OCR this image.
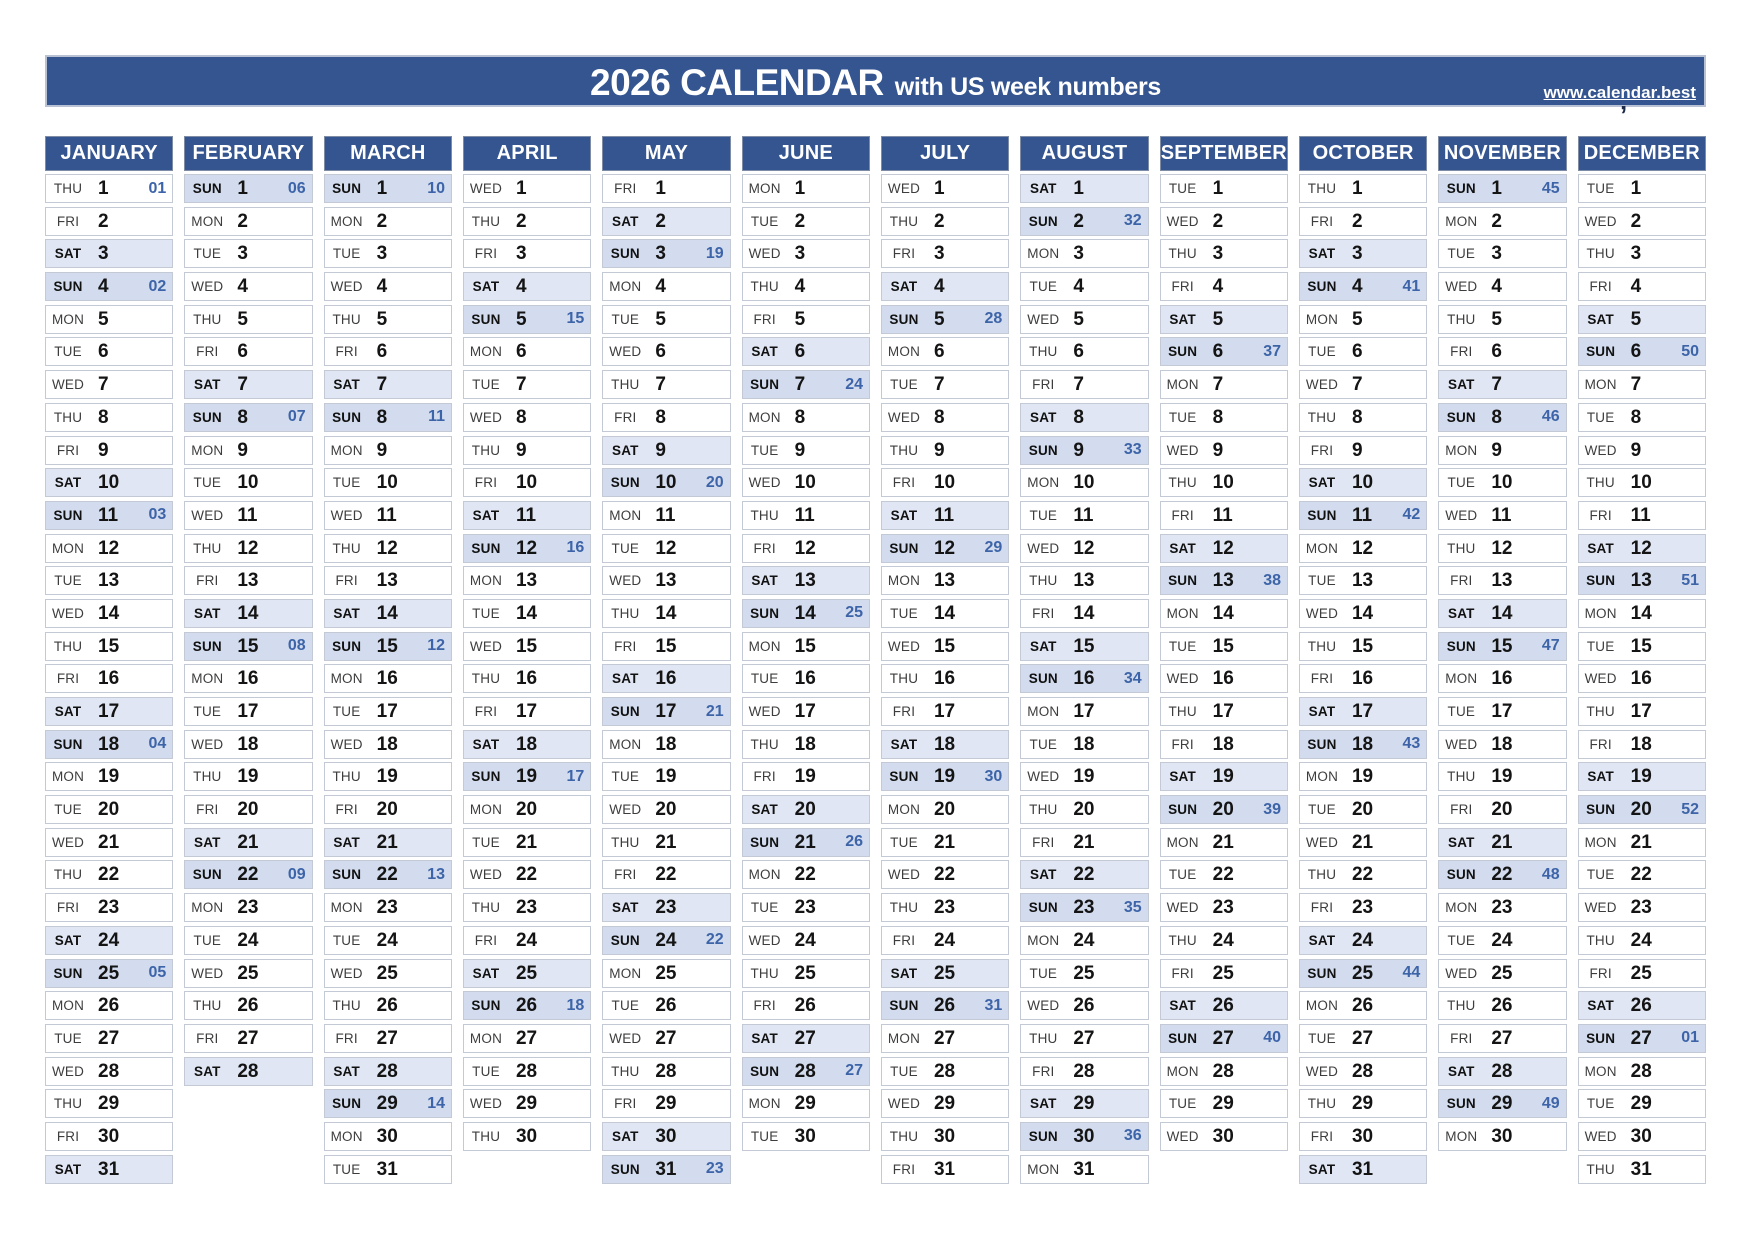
2026 CALENDAR with US week numbers	www.calendar.best
’
JANUARY
THU 1 01
FRI 2
SAT 3
SUN 4 02
MON 5
TUE 6
WED 7
THU 8
FRI 9
SAT 10
SUN 11 03
MON 12
TUE 13
WED 14
THU 15
FRI 16
SAT 17
SUN 18 04
MON 19
TUE 20
WED 21
THU 22
FRI 23
SAT 24
SUN 25 05
MON 26
TUE 27
WED 28
THU 29
FRI 30
SAT 31
FEBRUARY
SUN 1 06
MON 2
TUE 3
WED 4
THU 5
FRI 6
SAT 7
SUN 8 07
MON 9
TUE 10
WED 11
THU 12
FRI 13
SAT 14
SUN 15 08
MON 16
TUE 17
WED 18
THU 19
FRI 20
SAT 21
SUN 22 09
MON 23
TUE 24
WED 25
THU 26
FRI 27
SAT 28
MARCH
SUN 1 10
MON 2
TUE 3
WED 4
THU 5
FRI 6
SAT 7
SUN 8	11
MON 9
TUE 10
WED 11
THU 12
FRI 13
SAT 14
SUN 15 12
MON 16
TUE 17
WED 18
THU 19
FRI 20
SAT 21
SUN 22 13
MON 23
TUE 24
WED 25
THU 26
FRI 27
SAT 28
SUN 29 14
MON 30
TUE 31
APRIL
WED 1
THU 2
FRI 3
SAT 4
SUN 5 15
MON 6
TUE 7
WED 8
THU 9
FRI 10
SAT 11
SUN 12 16
MON 13
TUE 14
WED 15
THU 16
FRI 17
SAT 18
SUN 19 17
MON 20
TUE 21
WED 22
THU 23
FRI 24
SAT 25
SUN 26 18
MON 27
TUE 28
WED 29
THU 30
MAY
FRI 1
SAT 2
SUN 3 19
MON 4
TUE 5
WED 6
THU 7
FRI 8
SAT 9
SUN 10 20
MON 11
TUE 12
WED 13
THU 14
FRI 15
SAT 16
SUN 17 21
MON 18
TUE 19
WED 20
THU 21
FRI 22
SAT 23
SUN 24 22
MON 25
TUE 26
WED 27
THU 28
FRI 29
SAT 30
SUN 31 23
JUNE
MON 1
TUE 2
WED 3
THU 4
FRI 5
SAT 6
SUN 7 24
MON 8
TUE 9
WED 10
THU 11
FRI 12
SAT 13
SUN 14 25
MON 15
TUE 16
WED 17
THU 18
FRI 19
SAT 20
SUN 21 26
MON 22
TUE 23
WED 24
THU 25
FRI 26
SAT 27
SUN 28 27
MON 29
TUE 30
JULY
WED 1
THU 2
FRI 3
SAT 4
SUN 5 28
MON 6
TUE 7
WED 8
THU 9
FRI 10
SAT 11
SUN 12 29
MON 13
TUE 14
WED 15
THU 16
FRI 17
SAT 18
SUN 19 30
MON 20
TUE 21
WED 22
THU 23
FRI 24
SAT 25
SUN 26 31
MON 27
TUE 28
WED 29
THU 30
FRI 31
AUGUST
SAT 1
SUN 2 32
MON 3
TUE 4
WED 5
THU 6
FRI 7
SAT 8
SUN 9 33
MON 10
TUE 11
WED 12
THU 13
FRI 14
SAT 15
SUN 16 34
MON 17
TUE 18
WED 19
THU 20
FRI 21
SAT 22
SUN 23 35
MON 24
TUE 25
WED 26
THU 27
FRI 28
SAT 29
SUN 30 36
MON 31
SEPTEMBER
TUE 1
WED 2
THU 3
FRI 4
SAT 5
SUN 6 37
MON 7
TUE 8
WED 9
THU 10
FRI 11
SAT 12
SUN 13 38
MON 14
TUE 15
WED 16
THU 17
FRI 18
SAT 19
SUN 20 39
MON 21
TUE 22
WED 23
THU 24
FRI 25
SAT 26
SUN 27 40
MON 28
TUE 29
WED 30
OCTOBER
THU 1
FRI 2
SAT 3
SUN 4 41
MON 5
TUE 6
WED 7
THU 8
FRI 9
SAT 10
SUN 11 42
MON 12
TUE 13
WED 14
THU 15
FRI 16
SAT 17
SUN 18 43
MON 19
TUE 20
WED 21
THU 22
FRI 23
SAT 24
SUN 25 44
MON 26
TUE 27
WED 28
THU 29
FRI 30
SAT 31
NOVEMBER
SUN 1 45
MON 2
TUE 3
WED 4
THU 5
FRI 6
SAT 7
SUN 8 46
MON 9
TUE 10
WED 11
THU 12
FRI 13
SAT 14
SUN 15 47
MON 16
TUE 17
WED 18
THU 19
FRI 20
SAT 21
SUN 22 48
MON 23
TUE 24
WED 25
THU 26
FRI 27
SAT 28
SUN 29 49
MON 30
DECEMBER
TUE 1
WED 2
THU 3
FRI 4
SAT 5
SUN 6 50
MON 7
TUE 8
WED 9
THU 10
FRI 11
SAT 12
SUN 13 51
MON 14
TUE 15
WED 16
THU 17
FRI 18
SAT 19
SUN 20 52
MON 21
TUE 22
WED 23
THU 24
FRI 25
SAT 26
SUN 27 01
MON 28
TUE 29
WED 30
THU 31
